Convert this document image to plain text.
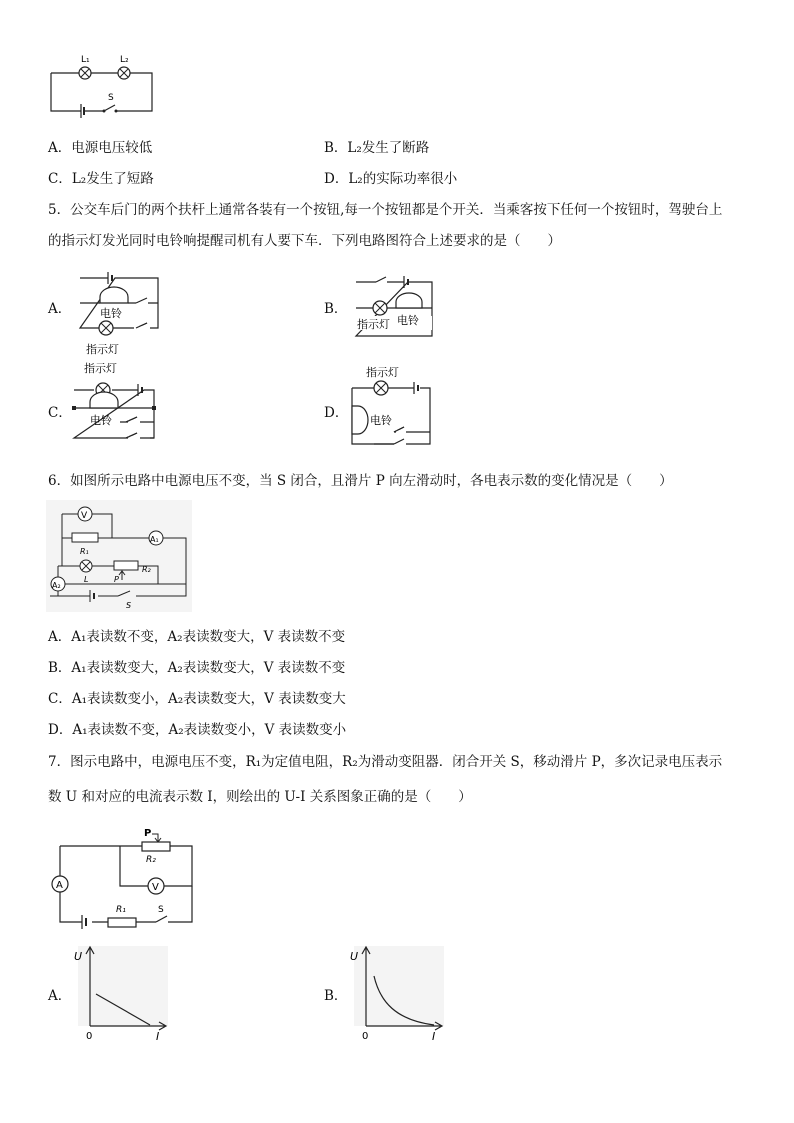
L₁	L₂
S
A．电源电压较低	B．L₂发生了断路
C．L₂发生了短路	D．L₂的实际功率很小
5．公交车后门的两个扶杆上通常各装有一个按钮,每一个按钮都是个开关．当乘客按下任何一个按钮时，驾驶台上
的指示灯发光同时电铃响提醒司机有人要下车．下列电路图符合上述要求的是（　　）
A．	电铃
指示灯
B．
指示灯 电铃
C．
指示灯
电铃	D．
指示灯
电铃
6．如图所示电路中电源电压不变，当 S 闭合，且滑片 P 向左滑动时，各电表示数的变化情况是（　　）
V
R₁
A₁
A₂
L	P
R₂
S
A．A₁表读数不变，A₂表读数变大，V 表读数不变
B．A₁表读数变大，A₂表读数变大，V 表读数不变
C．A₁表读数变小，A₂表读数变大，V 表读数变大
D．A₁表读数不变，A₂表读数变小，V 表读数变小
7．图示电路中，电源电压不变，R₁为定值电阻，R₂为滑动变阻器．闭合开关 S，移动滑片 P，多次记录电压表示
数 U 和对应的电流表示数 I，则绘出的 U-I 关系图象正确的是（　　）
P
R₂
A	V
R₁	S
A．
U
0	I
B．
U
0	I
